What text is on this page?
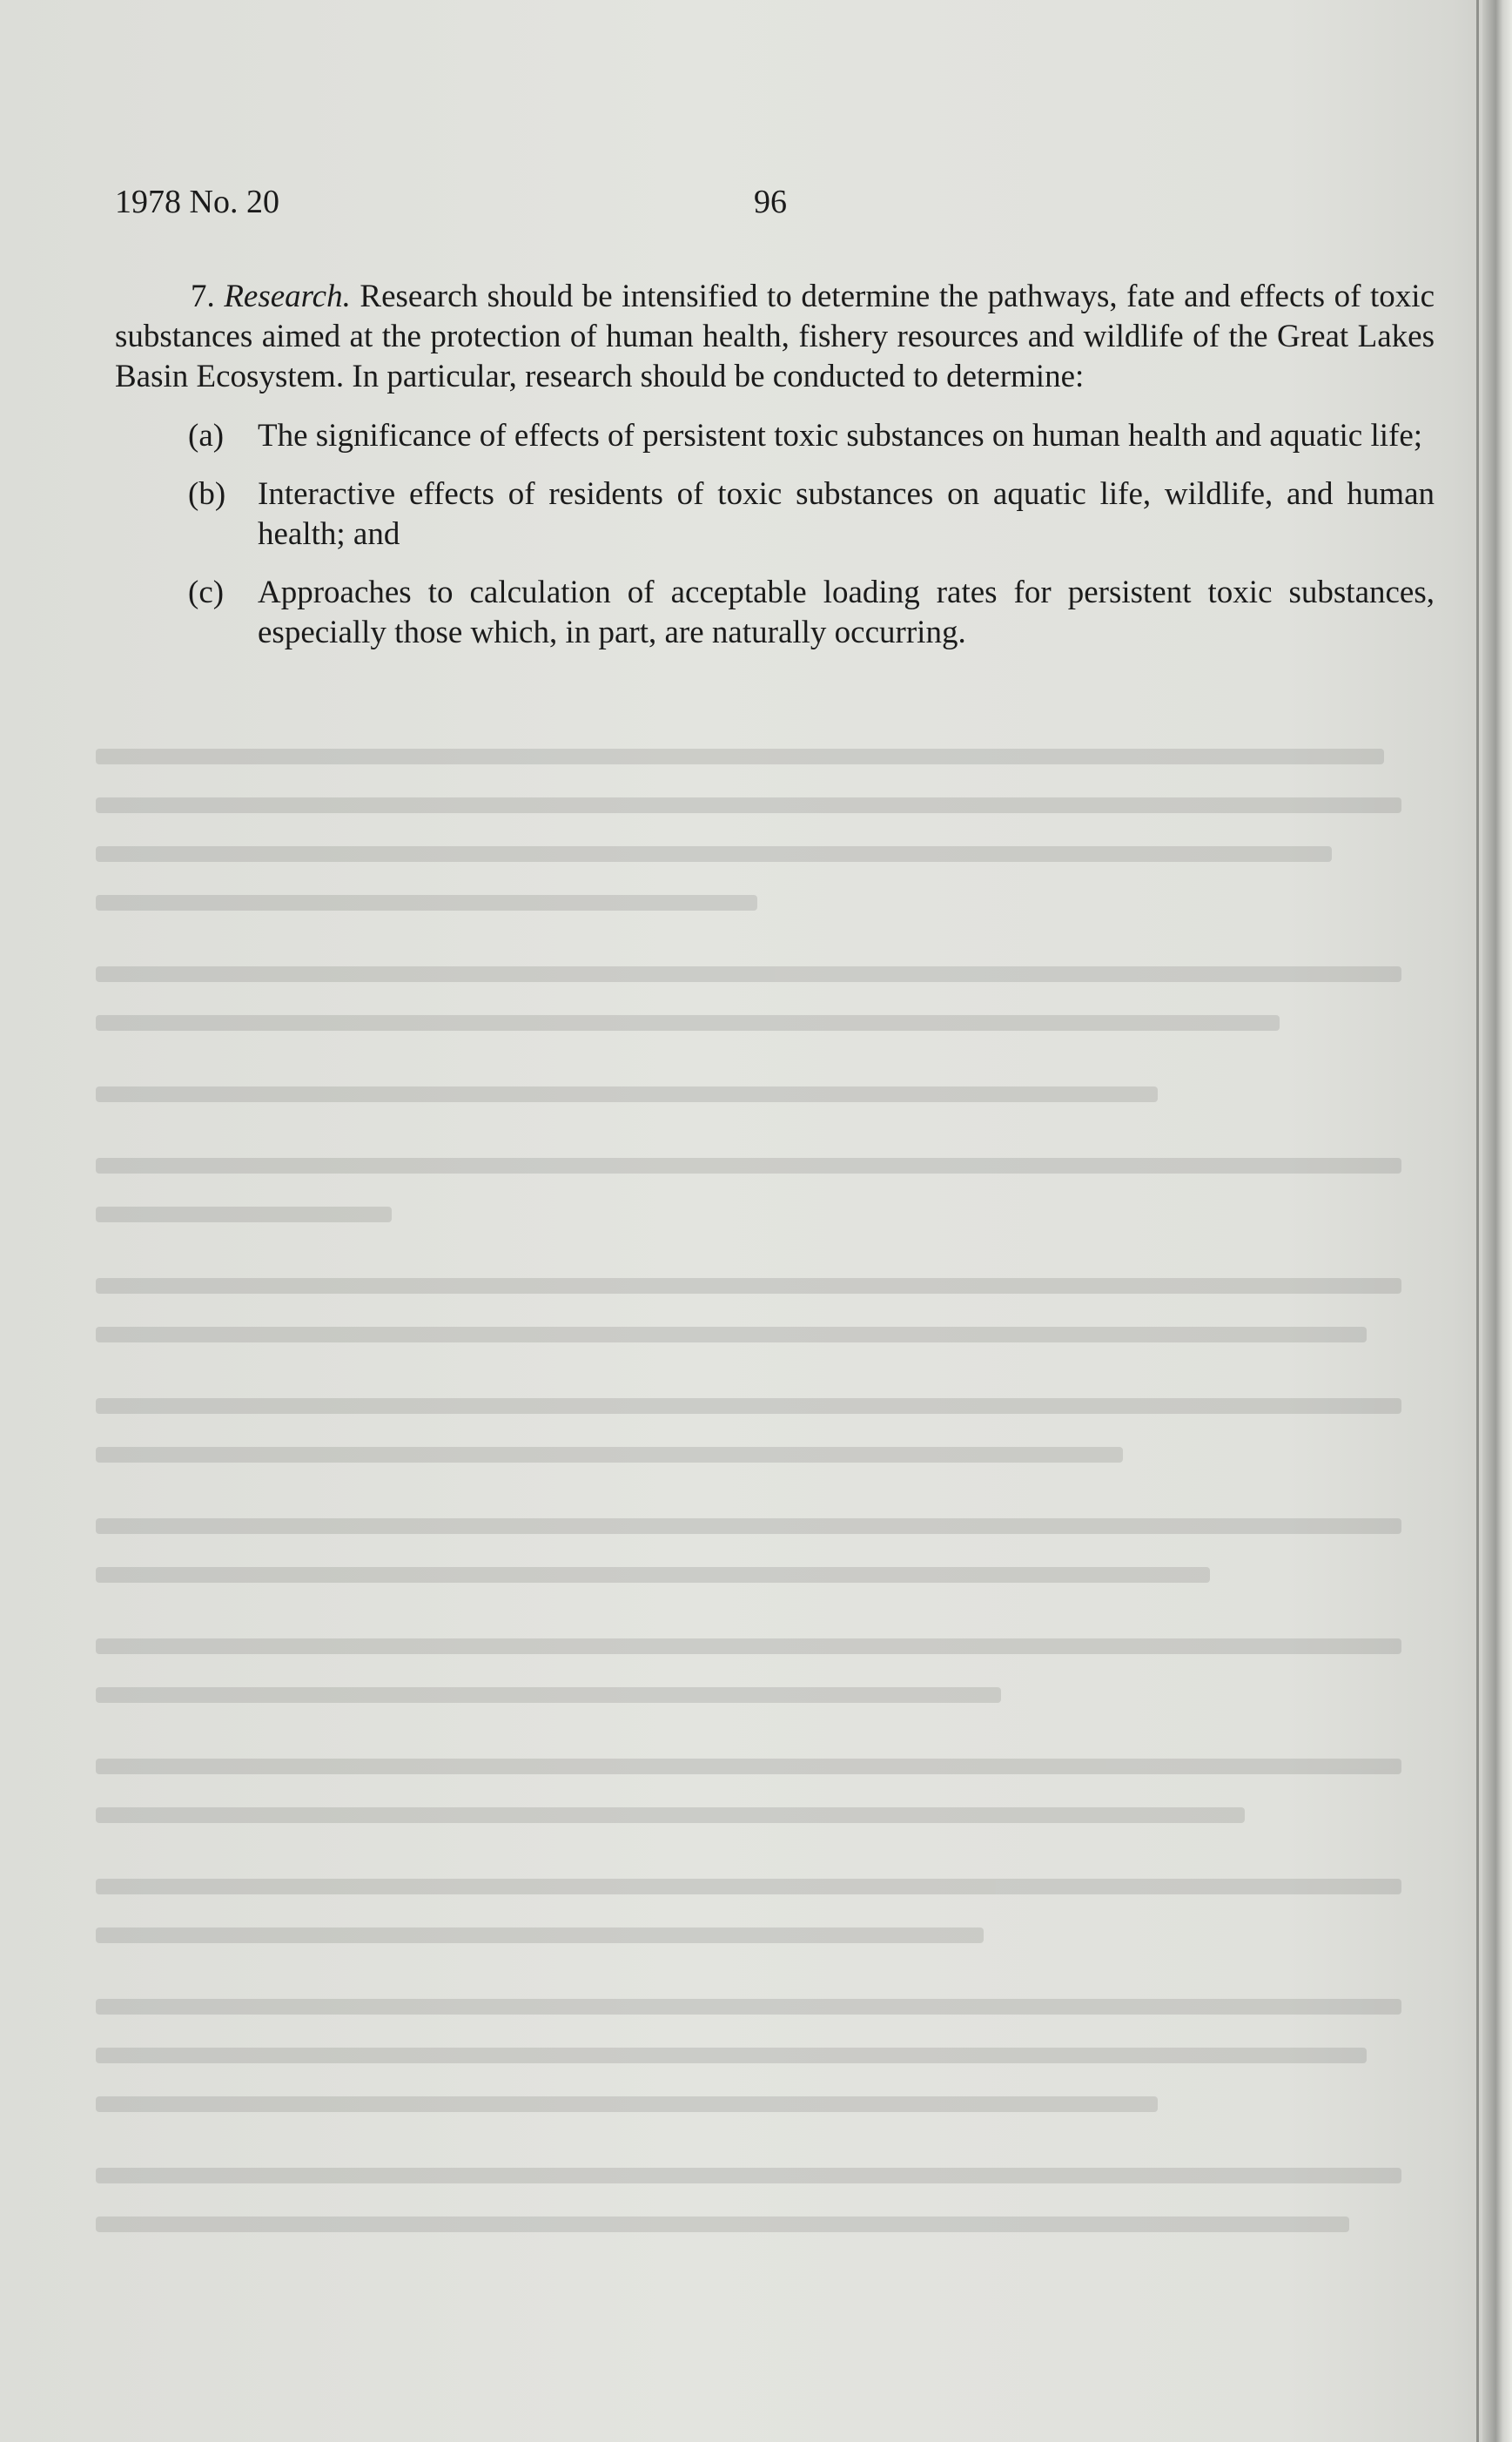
1978 No. 20	96

7. Research. Research should be intensified to determine the pathways, fate and effects of toxic substances aimed at the protection of human health, fishery resources and wildlife of the Great Lakes Basin Ecosystem. In particular, research should be conducted to determine:

(a)	The significance of effects of persistent toxic substances on human health and aquatic life;
(b) Interactive effects of residents of toxic substances on aquatic life, wildlife, and human health; and
(c)	Approaches to calculation of acceptable loading rates for persistent toxic substances, especially those which, in part, are naturally occurring.
